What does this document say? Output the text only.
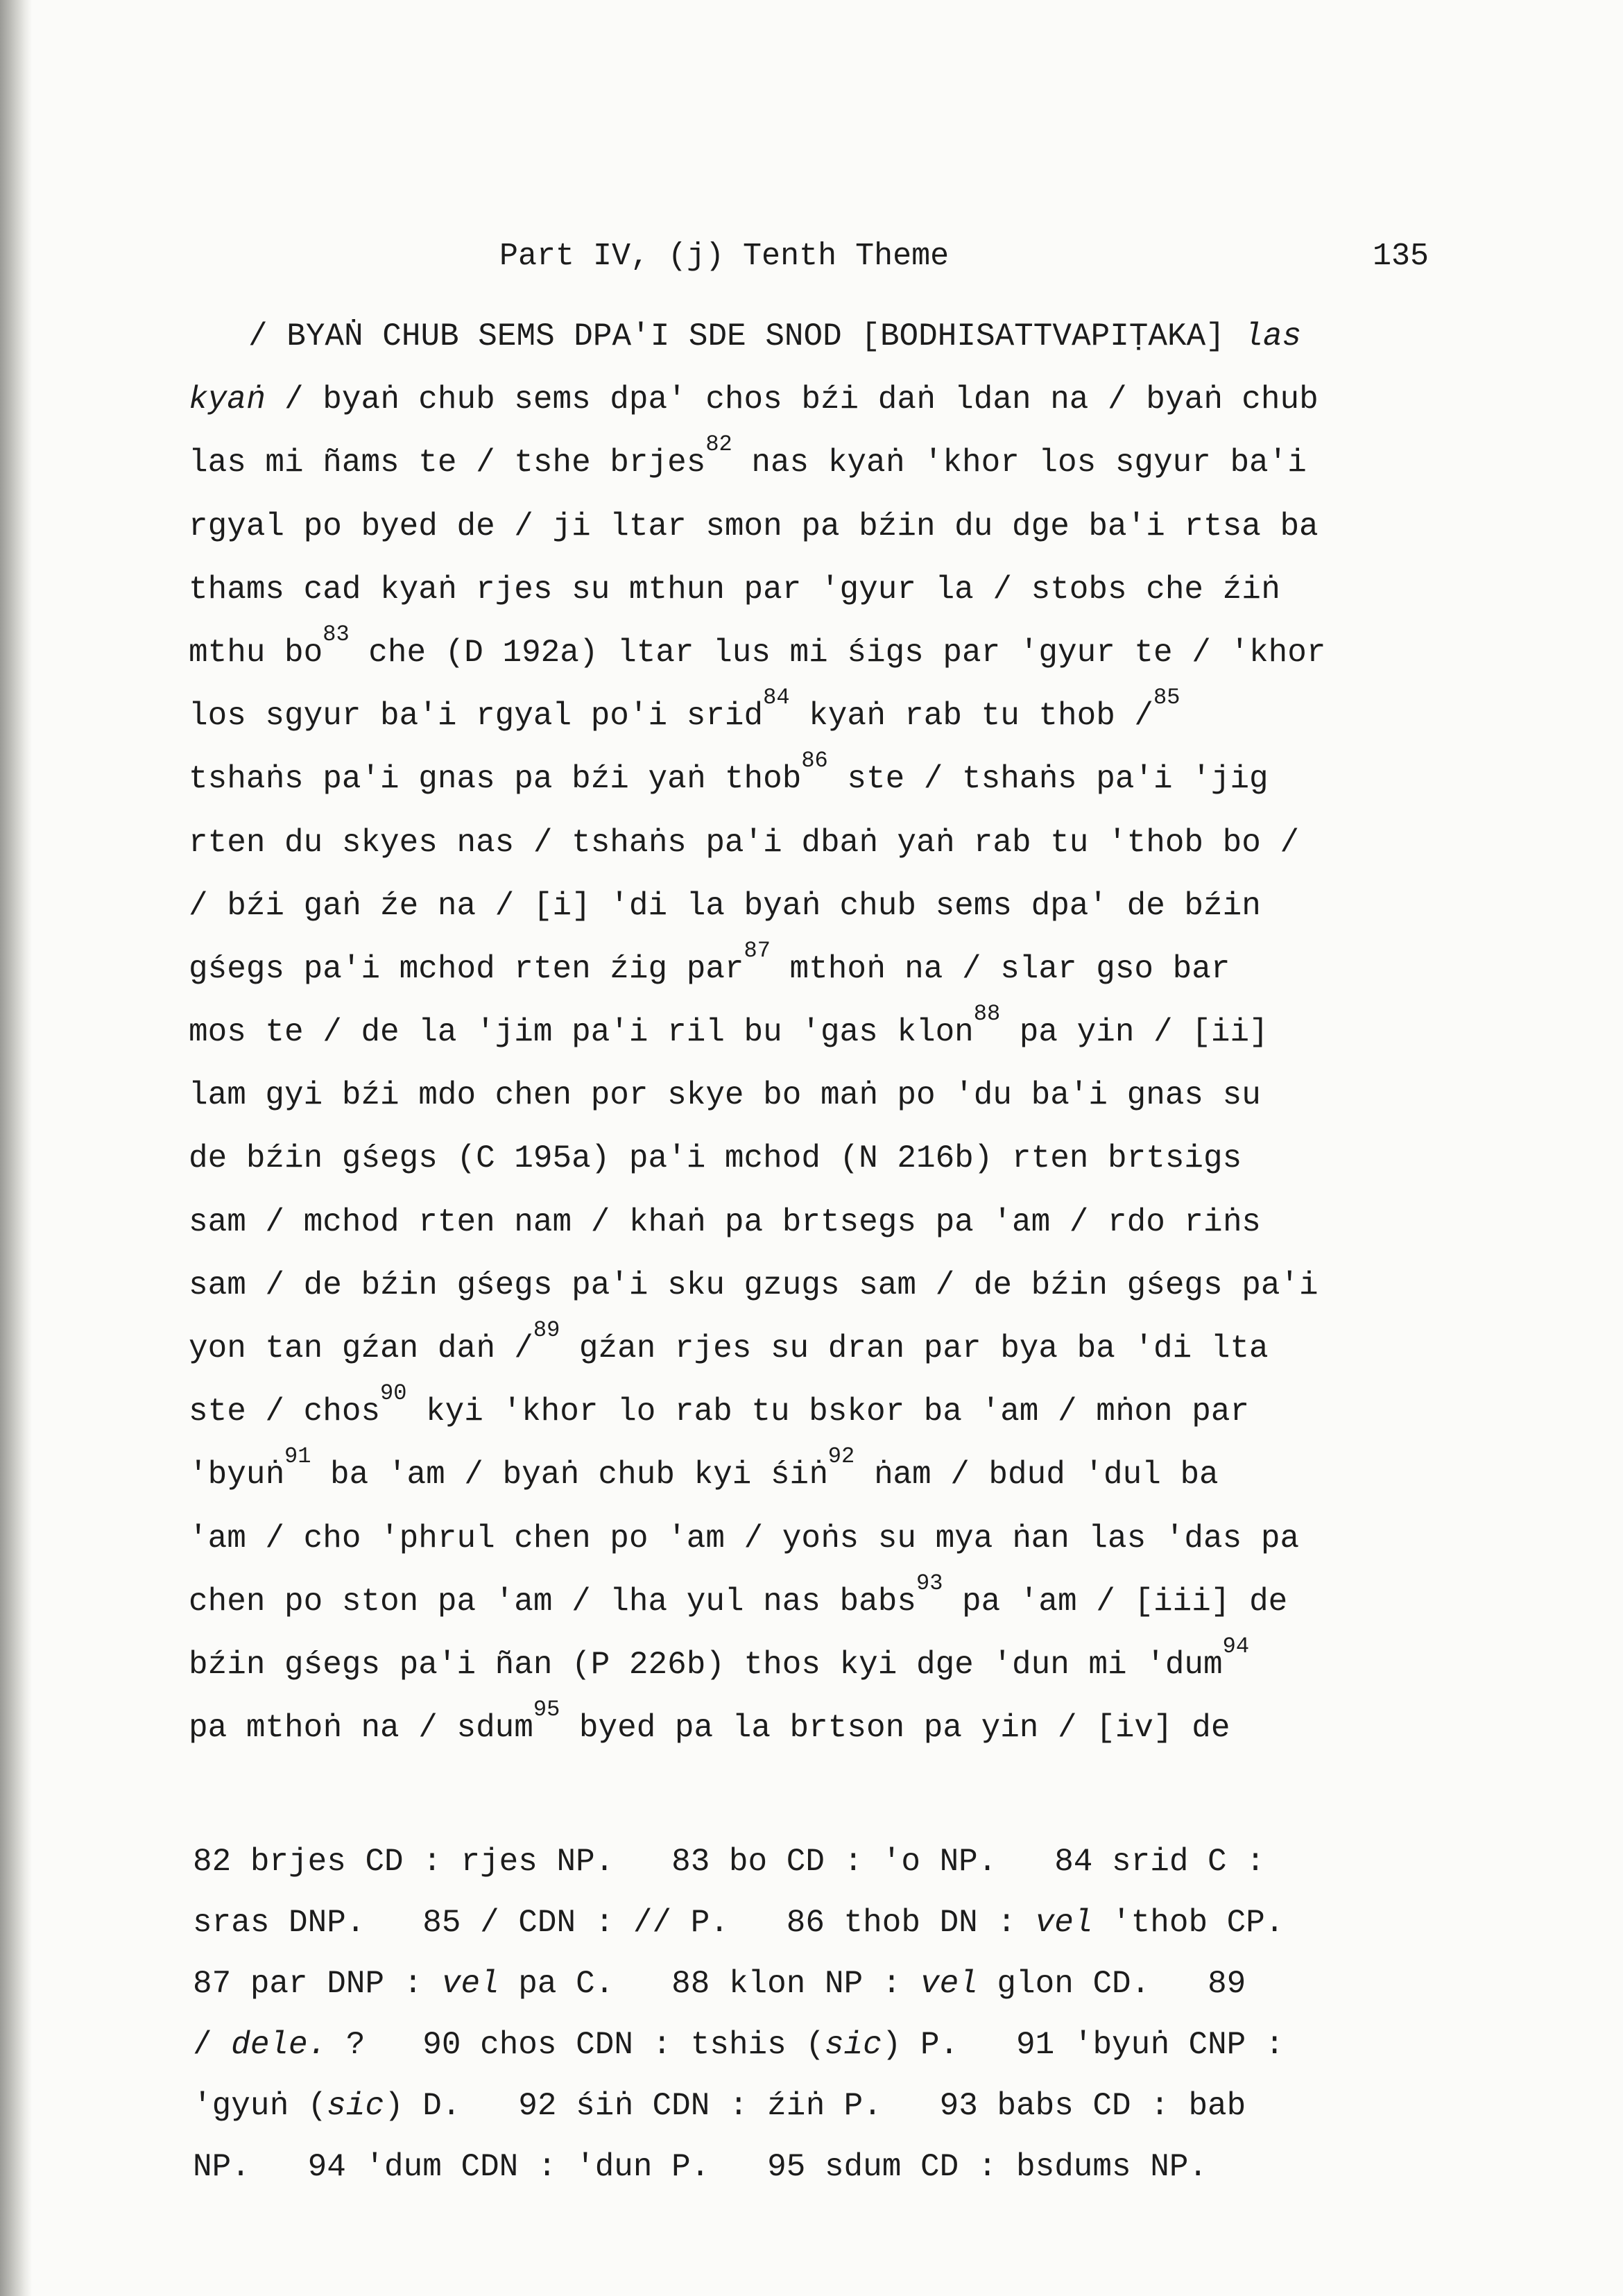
Part IV, (j) Tenth Theme	135
/ BYAṄ CHUB SEMS DPA'I SDE SNOD [BODHISATTVAPIṬAKA] las
kyaṅ / byaṅ chub sems dpa' chos bźi daṅ ldan na / byaṅ chub
las mi ñams te / tshe brjes$^{82}$ nas kyaṅ 'khor los sgyur ba'i
rgyal po byed de / ji ltar smon pa bźin du dge ba'i rtsa ba
thams cad kyaṅ rjes su mthun par 'gyur la / stobs che źiṅ
mthu $bo^{83}$ che (D 192a) ltar lus mi śigs par 'gyur te / 'khor
los sgyur ba'i rgyal po'i srid$^{84}$ kyaṅ rab tu thob /$^{85}$
tshaṅs pa'i gnas pa bźi yaṅ thob$^{86}$ ste / tshaṅs pa'i 'jig
rten du skyes nas / tshaṅs pa'i dbaṅ yaṅ rab tu 'thob bo /
/ bźi gaṅ źe na / [i] 'di la byaṅ chub sems dpa' de bźin
gśegs pa'i mchod rten źig par$^{87}$ mthoṅ na / slar gso bar
mos te / de la 'jim pa'i ril bu 'gas klon$^{88}$ pa yin / [ii]
lam gyi bźi mdo chen por skye bo maṅ po 'du ba'i gnas su
de bźin gśegs (C 195a) pa'i mchod (N 216b) rten brtsigs
sam / mchod rten nam / khaṅ pa brtsegs pa 'am / rdo riṅs
sam / de bźin gśegs pa'i sku gzugs sam / de bźin gśegs pa'i
yon tan gźan daṅ /$^{89}$ gźan rjes su dran par bya ba 'di lta
ste / chos$^{90}$ kyi 'khor lo rab tu bskor ba 'am / mṅon par
'byuṅ$^{91}$ ba 'am / byaṅ chub kyi śiṅ$^{92}$ ṅam / bdud 'dul ba
'am / cho 'phrul chen po 'am / yoṅs su mya ṅan las 'das pa
chen po ston pa 'am / lha yul nas babs$^{93}$ pa 'am / [iii] de
bźin gśegs pa'i ñan (P 226b) thos kyi dge 'dun mi 'dum$^{94}$
pa mthoṅ na / sdum$^{95}$ byed pa la brtson pa yin / [iv] de
82 brjes CD : rjes NP.   83 bo CD : 'o NP.   84 srid C :
sras DNP.   85 / CDN : // P.   86 thob DN : vel 'thob CP.
87 par DNP : vel pa C.   88 klon NP : vel glon CD.   89
/ dele. ?   90 chos CDN : tshis (sic) P.   91 'byuṅ CNP :
'gyuṅ (sic) D.   92 śiṅ CDN : źiṅ P.   93 babs CD : bab
NP.   94 'dum CDN : 'dun P.   95 sdum CD : bsdums NP.
